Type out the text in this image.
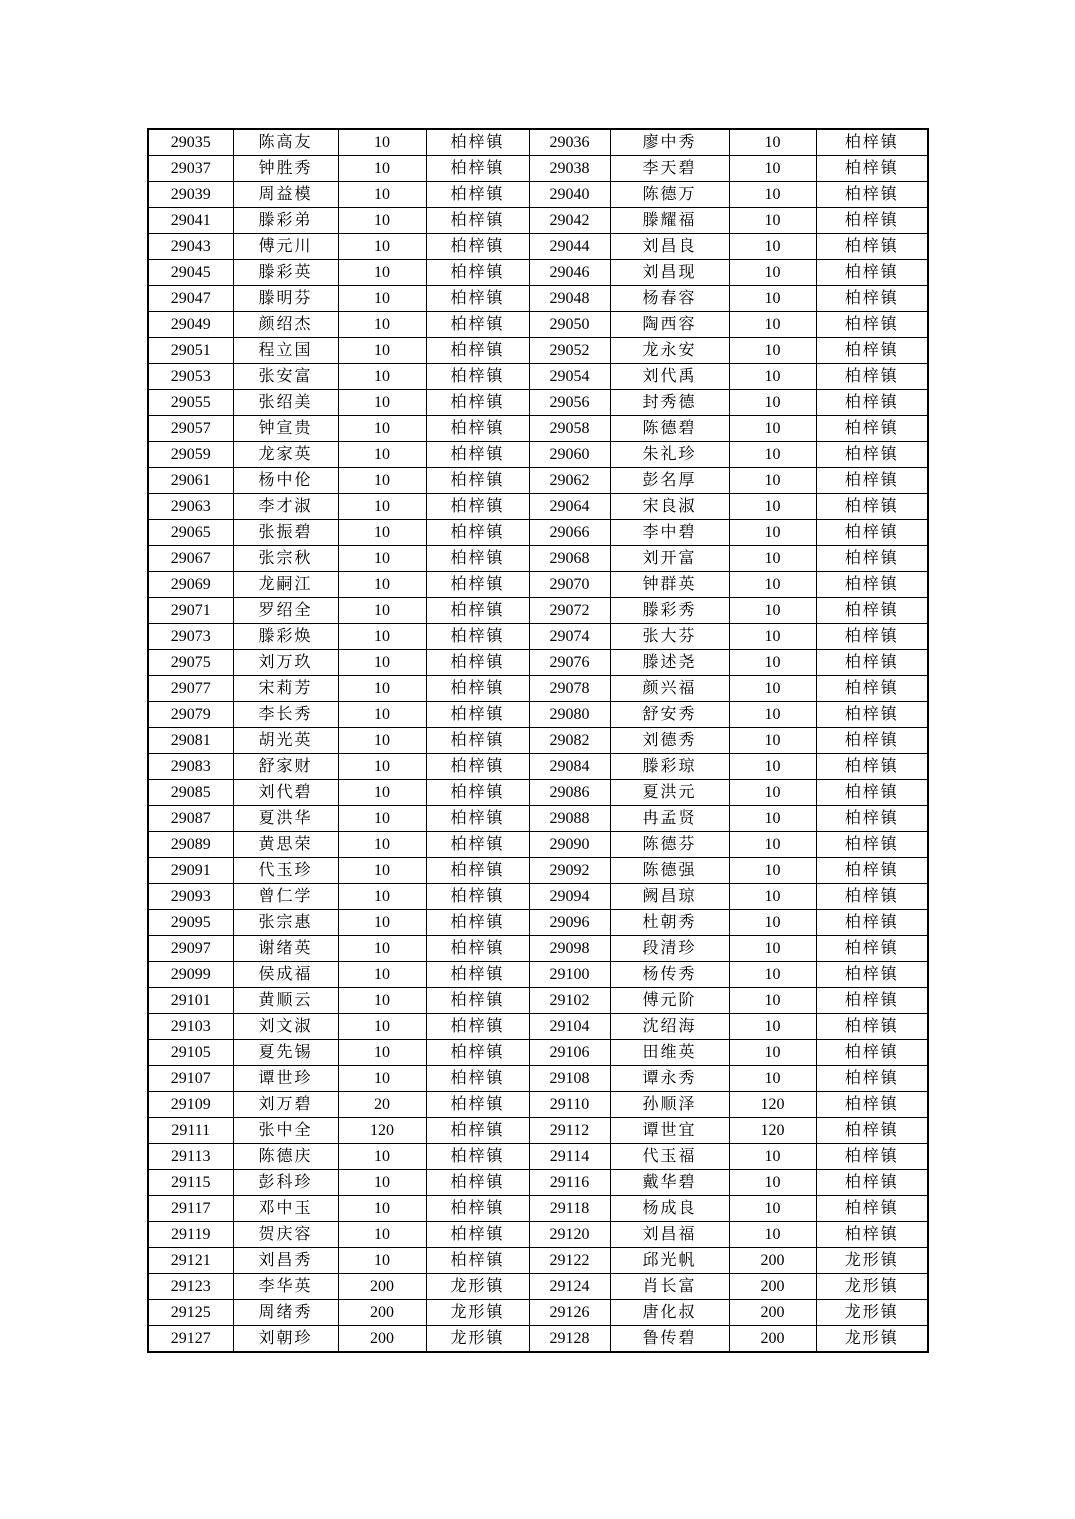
29035	陈高友	10	柏梓镇	29036	廖中秀	10	柏梓镇
29037	钟胜秀	10	柏梓镇	29038	李天碧	10	柏梓镇
29039	周益模	10	柏梓镇	29040	陈德万	10	柏梓镇
29041	滕彩弟	10	柏梓镇	29042	滕耀福	10	柏梓镇
29043	傅元川	10	柏梓镇	29044	刘昌良	10	柏梓镇
29045	滕彩英	10	柏梓镇	29046	刘昌现	10	柏梓镇
29047	滕明芬	10	柏梓镇	29048	杨春容	10	柏梓镇
29049	颜绍杰	10	柏梓镇	29050	陶西容	10	柏梓镇
29051	程立国	10	柏梓镇	29052	龙永安	10	柏梓镇
29053	张安富	10	柏梓镇	29054	刘代禹	10	柏梓镇
29055	张绍美	10	柏梓镇	29056	封秀德	10	柏梓镇
29057	钟宣贵	10	柏梓镇	29058	陈德碧	10	柏梓镇
29059	龙家英	10	柏梓镇	29060	朱礼珍	10	柏梓镇
29061	杨中伦	10	柏梓镇	29062	彭名厚	10	柏梓镇
29063	李才淑	10	柏梓镇	29064	宋良淑	10	柏梓镇
29065	张振碧	10	柏梓镇	29066	李中碧	10	柏梓镇
29067	张宗秋	10	柏梓镇	29068	刘开富	10	柏梓镇
29069	龙嗣江	10	柏梓镇	29070	钟群英	10	柏梓镇
29071	罗绍全	10	柏梓镇	29072	滕彩秀	10	柏梓镇
29073	滕彩焕	10	柏梓镇	29074	张大芬	10	柏梓镇
29075	刘万玖	10	柏梓镇	29076	滕述尧	10	柏梓镇
29077	宋莉芳	10	柏梓镇	29078	颜兴福	10	柏梓镇
29079	李长秀	10	柏梓镇	29080	舒安秀	10	柏梓镇
29081	胡光英	10	柏梓镇	29082	刘德秀	10	柏梓镇
29083	舒家财	10	柏梓镇	29084	滕彩琼	10	柏梓镇
29085	刘代碧	10	柏梓镇	29086	夏洪元	10	柏梓镇
29087	夏洪华	10	柏梓镇	29088	冉孟贤	10	柏梓镇
29089	黄思荣	10	柏梓镇	29090	陈德芬	10	柏梓镇
29091	代玉珍	10	柏梓镇	29092	陈德强	10	柏梓镇
29093	曾仁学	10	柏梓镇	29094	阙昌琼	10	柏梓镇
29095	张宗惠	10	柏梓镇	29096	杜朝秀	10	柏梓镇
29097	谢绪英	10	柏梓镇	29098	段清珍	10	柏梓镇
29099	侯成福	10	柏梓镇	29100	杨传秀	10	柏梓镇
29101	黄顺云	10	柏梓镇	29102	傅元阶	10	柏梓镇
29103	刘文淑	10	柏梓镇	29104	沈绍海	10	柏梓镇
29105	夏先锡	10	柏梓镇	29106	田维英	10	柏梓镇
29107	谭世珍	10	柏梓镇	29108	谭永秀	10	柏梓镇
29109	刘万碧	20	柏梓镇	29110	孙顺泽	120	柏梓镇
29111	张中全	120	柏梓镇	29112	谭世宜	120	柏梓镇
29113	陈德庆	10	柏梓镇	29114	代玉福	10	柏梓镇
29115	彭科珍	10	柏梓镇	29116	戴华碧	10	柏梓镇
29117	邓中玉	10	柏梓镇	29118	杨成良	10	柏梓镇
29119	贺庆容	10	柏梓镇	29120	刘昌福	10	柏梓镇
29121	刘昌秀	10	柏梓镇	29122	邱光帆	200	龙形镇
29123	李华英	200	龙形镇	29124	肖长富	200	龙形镇
29125	周绪秀	200	龙形镇	29126	唐化叔	200	龙形镇
29127	刘朝珍	200	龙形镇	29128	鲁传碧	200	龙形镇
